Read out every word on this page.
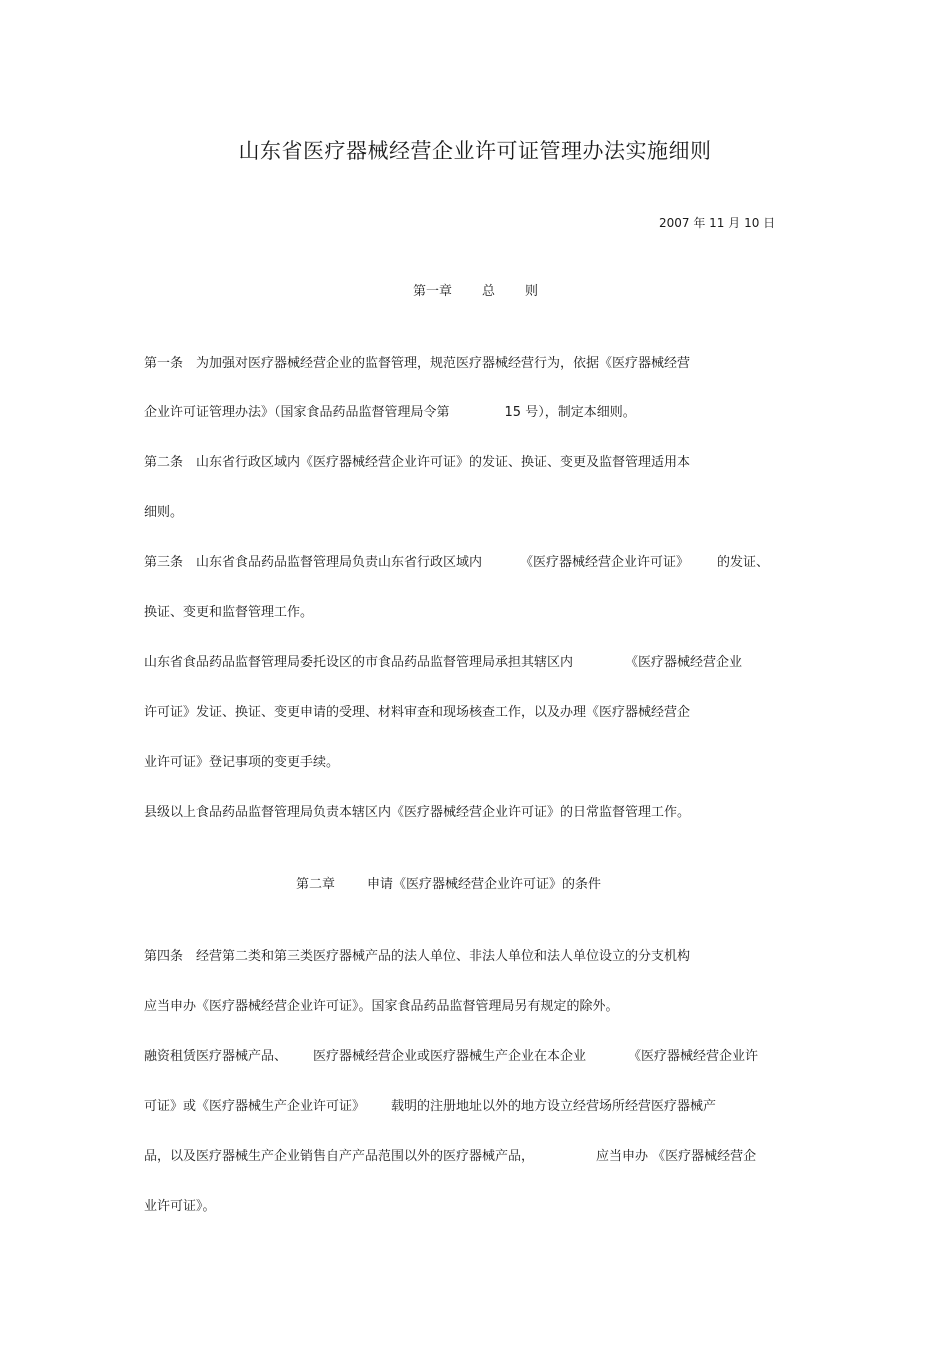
山东省医疗器械经营企业许可证管理办法实施细则
2007 年 11 月 10 日
第一章 总 则
第一条　为加强对医疗器械经营企业的监督管理，规范医疗器械经营行为，依据《医疗器械经营
企业许可证管理办法》（国家食品药品监督管理局令第	15 号），制定本细则。
第二条　山东省行政区域内《医疗器械经营企业许可证》的发证、换证、变更及监督管理适用本
细则。
第三条　山东省食品药品监督管理局负责山东省行政区域内	《医疗器械经营企业许可证》 的发证、
换证、变更和监督管理工作。
山东省食品药品监督管理局委托设区的市食品药品监督管理局承担其辖区内	《医疗器械经营企业
许可证》发证、换证、变更申请的受理、材料审查和现场核查工作，以及办理《医疗器械经营企
业许可证》登记事项的变更手续。
县级以上食品药品监督管理局负责本辖区内《医疗器械经营企业许可证》的日常监督管理工作。
第二章 申请《医疗器械经营企业许可证》的条件
第四条　经营第二类和第三类医疗器械产品的法人单位、非法人单位和法人单位设立的分支机构
应当申办《医疗器械经营企业许可证》。国家食品药品监督管理局另有规定的除外。
融资租赁医疗器械产品、 医疗器械经营企业或医疗器械生产企业在本企业	《医疗器械经营企业许
可证》或《医疗器械生产企业许可证》 载明的注册地址以外的地方设立经营场所经营医疗器械产
品，以及医疗器械生产企业销售自产产品范围以外的医疗器械产品，	应当申办 《医疗器械经营企
业许可证》。
